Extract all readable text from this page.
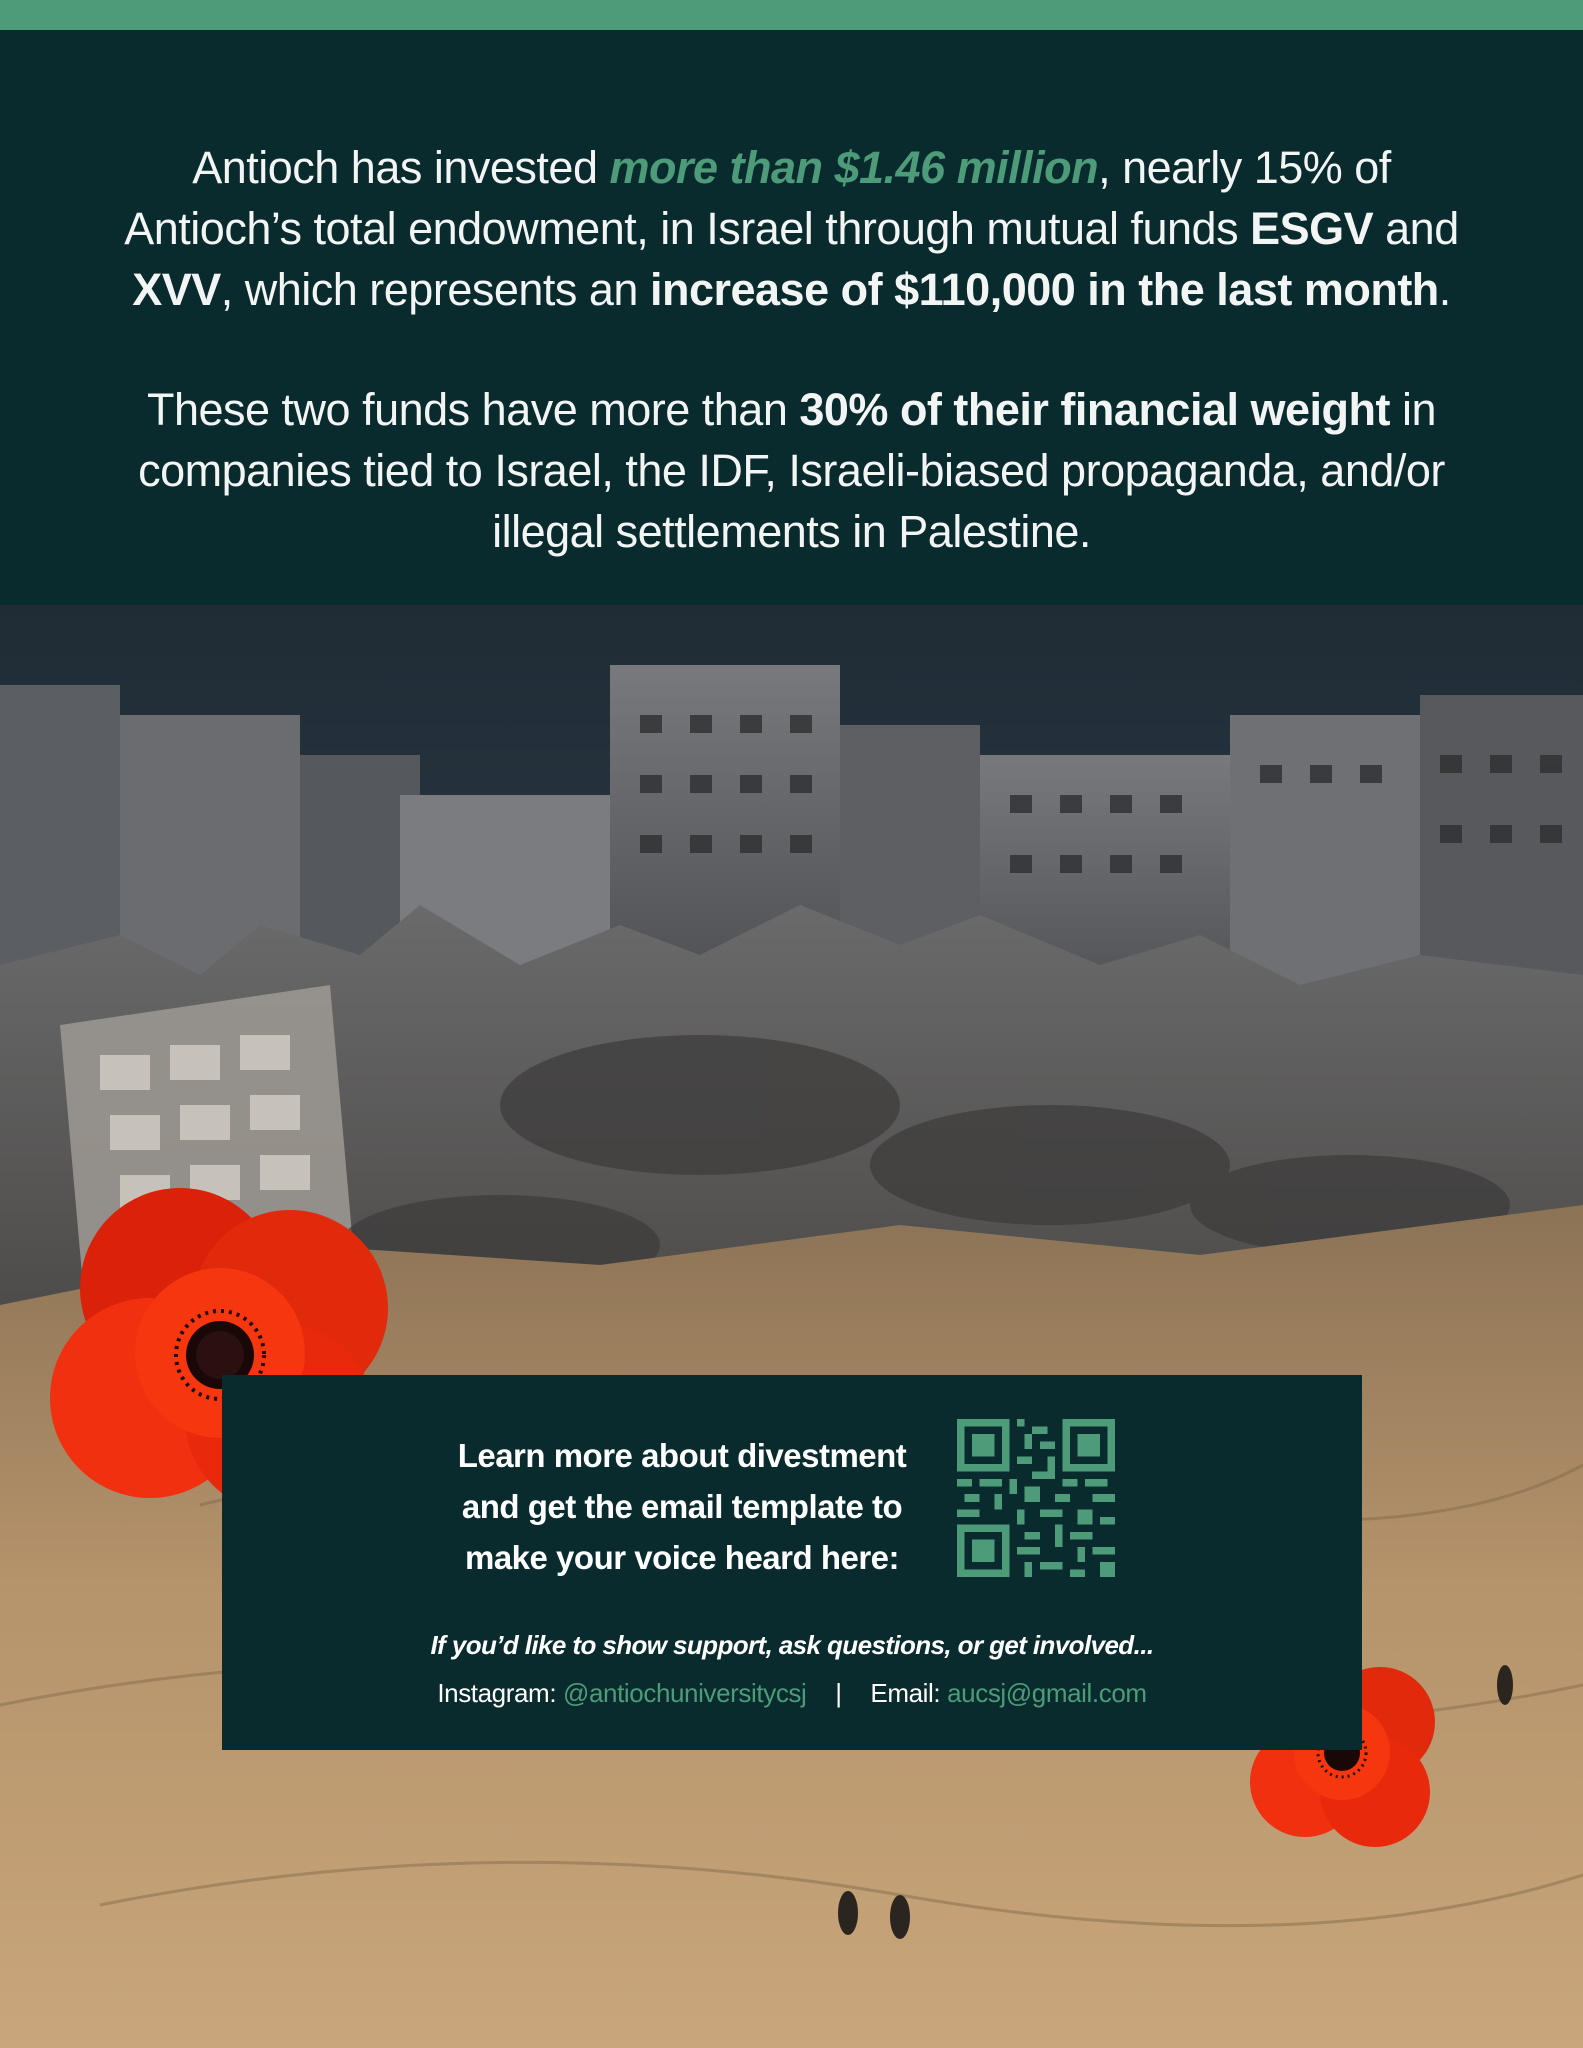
Antioch has invested more than $1.46 million, nearly 15% of Antioch’s total endowment, in Israel through mutual funds ESGV and XVV, which represents an increase of $110,000 in the last month.
These two funds have more than 30% of their financial weight in companies tied to Israel, the IDF, Israeli-biased propaganda, and/or illegal settlements in Palestine.
Learn more about divestment and get the email template to make your voice heard here:
If you’d like to show support, ask questions, or get involved...
Instagram: @antiochuniversitycsj | Email: aucsj@gmail.com
